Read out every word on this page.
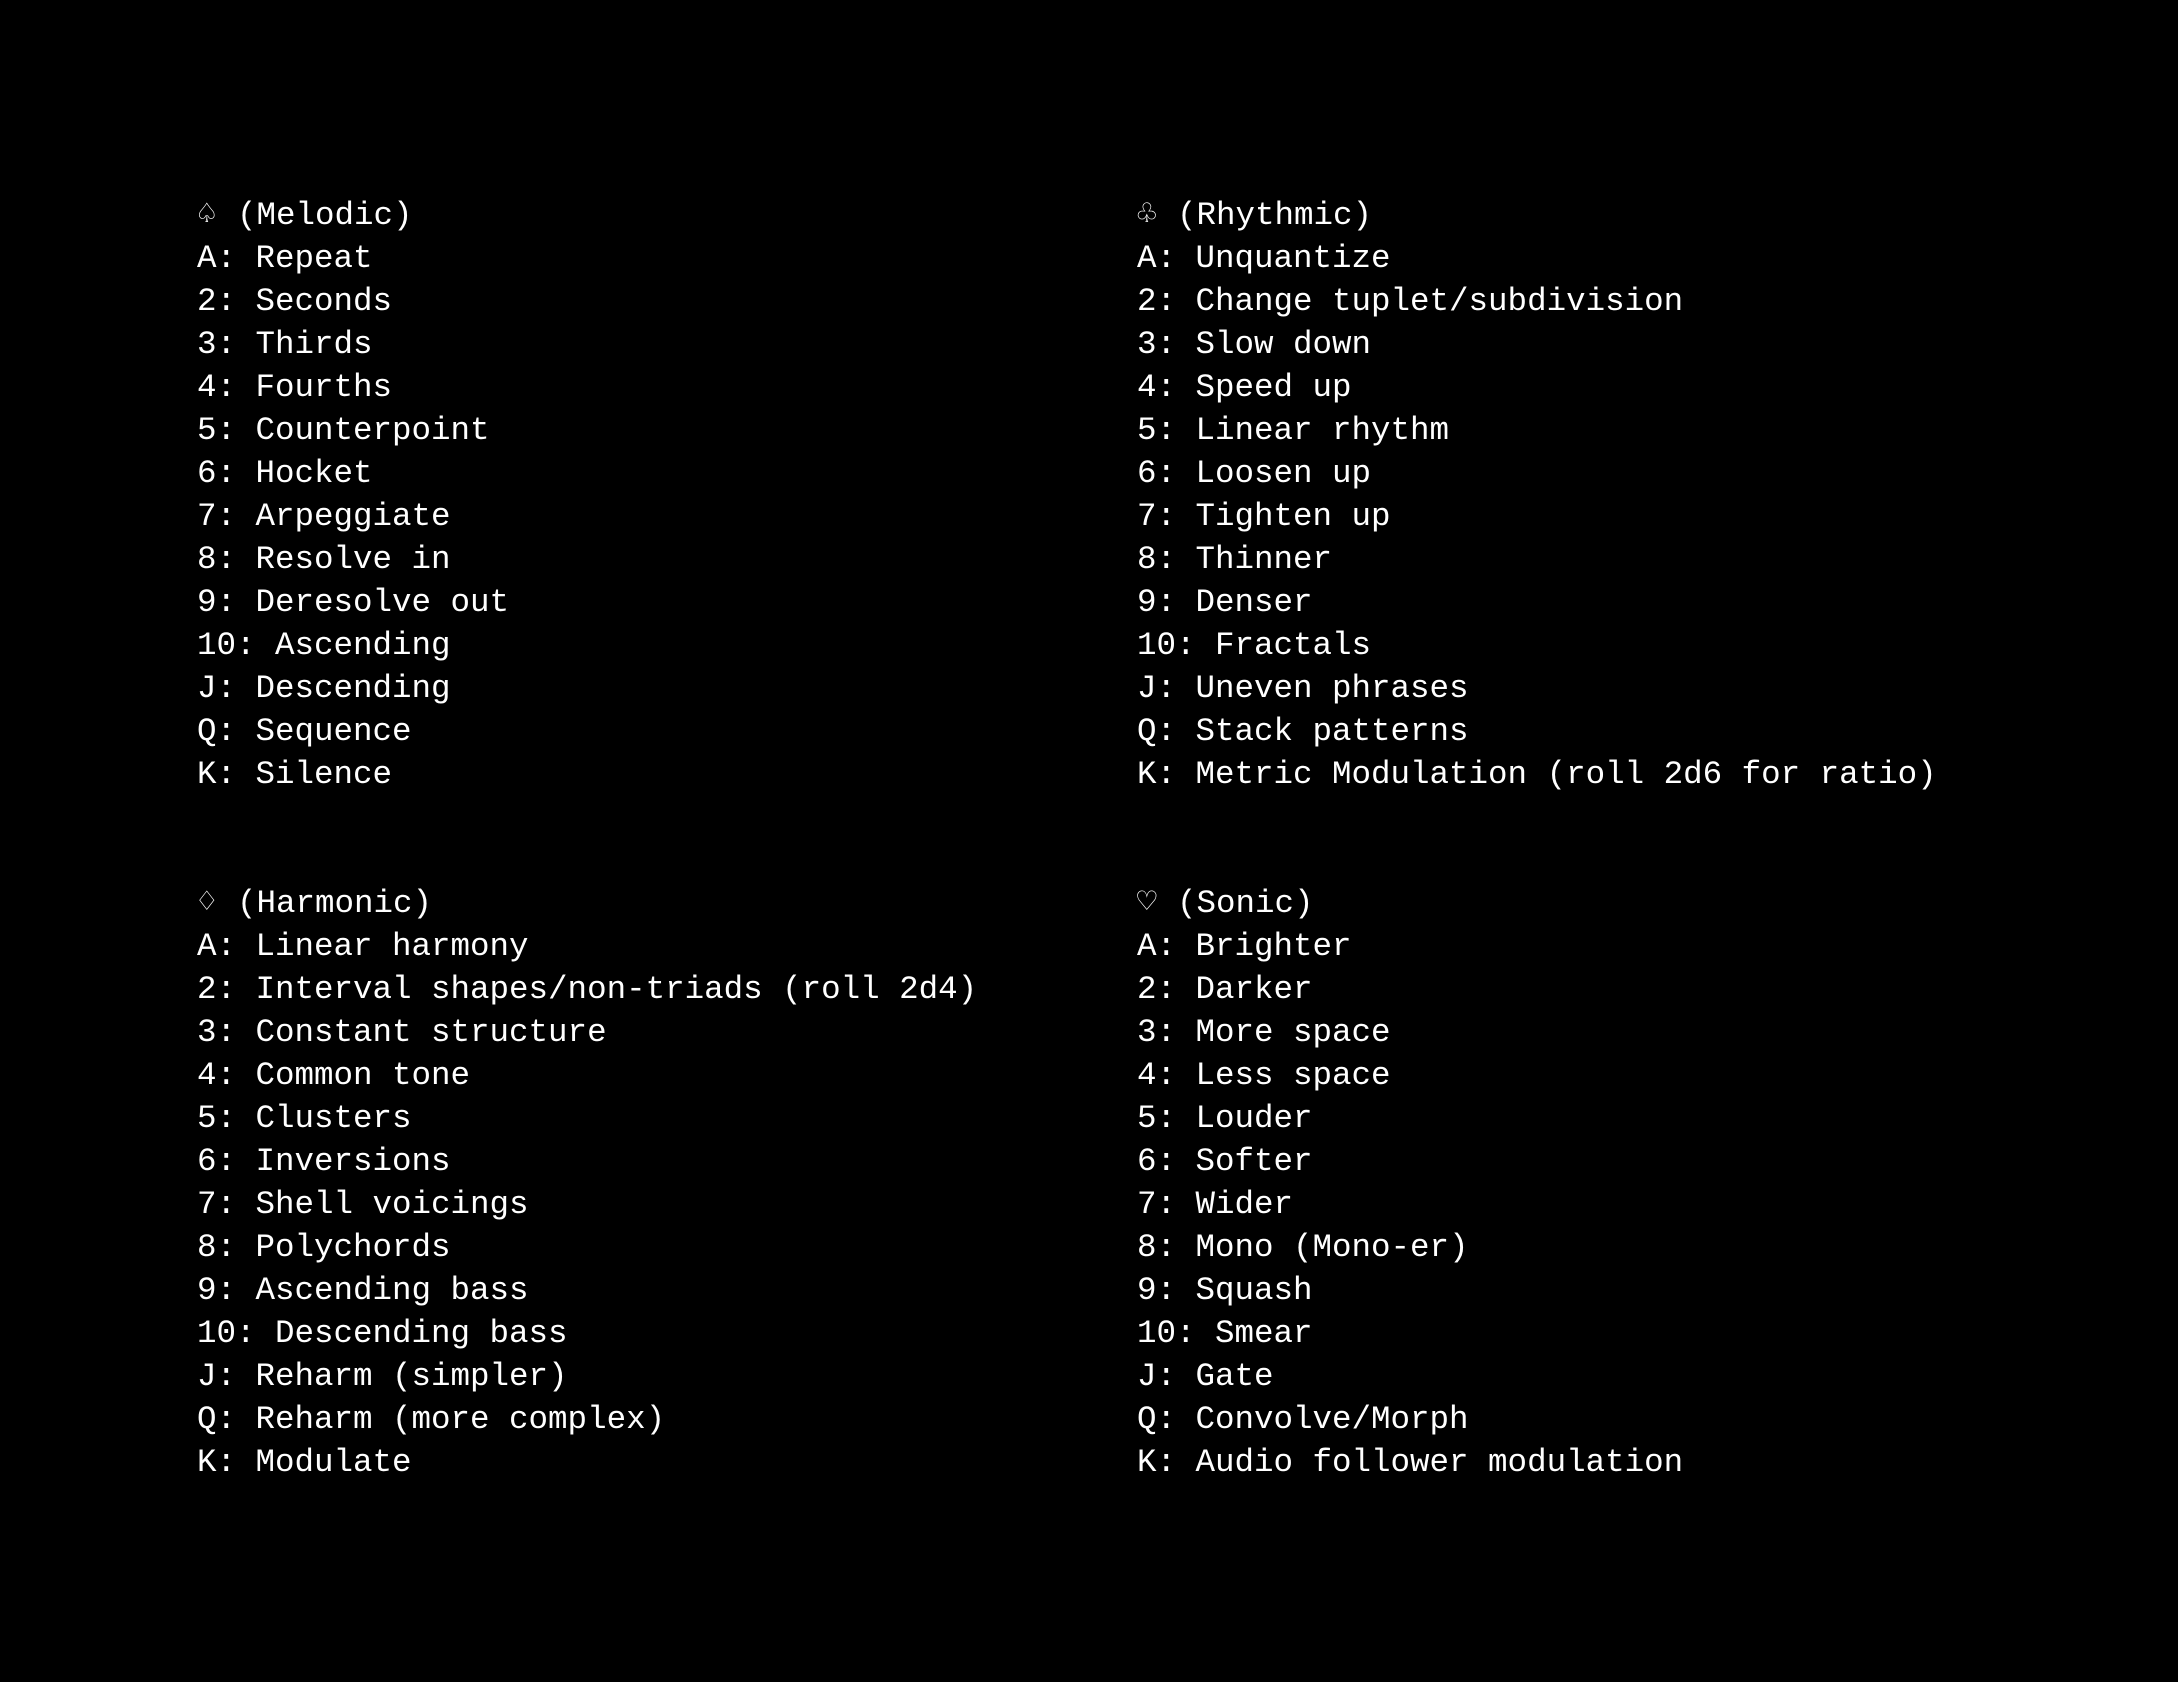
♤ (Melodic)
A: Repeat
2: Seconds
3: Thirds
4: Fourths
5: Counterpoint
6: Hocket
7: Arpeggiate
8: Resolve in
9: Deresolve out
10: Ascending
J: Descending
Q: Sequence
K: Silence
♧ (Rhythmic)
A: Unquantize
2: Change tuplet/subdivision
3: Slow down
4: Speed up
5: Linear rhythm
6: Loosen up
7: Tighten up
8: Thinner
9: Denser
10: Fractals
J: Uneven phrases
Q: Stack patterns
K: Metric Modulation (roll 2d6 for ratio)
♢ (Harmonic)
A: Linear harmony
2: Interval shapes/non-triads (roll 2d4)
3: Constant structure
4: Common tone
5: Clusters
6: Inversions
7: Shell voicings
8: Polychords
9: Ascending bass
10: Descending bass
J: Reharm (simpler)
Q: Reharm (more complex)
K: Modulate
♡ (Sonic)
A: Brighter
2: Darker
3: More space
4: Less space
5: Louder
6: Softer
7: Wider
8: Mono (Mono-er)
9: Squash
10: Smear
J: Gate
Q: Convolve/Morph
K: Audio follower modulation
